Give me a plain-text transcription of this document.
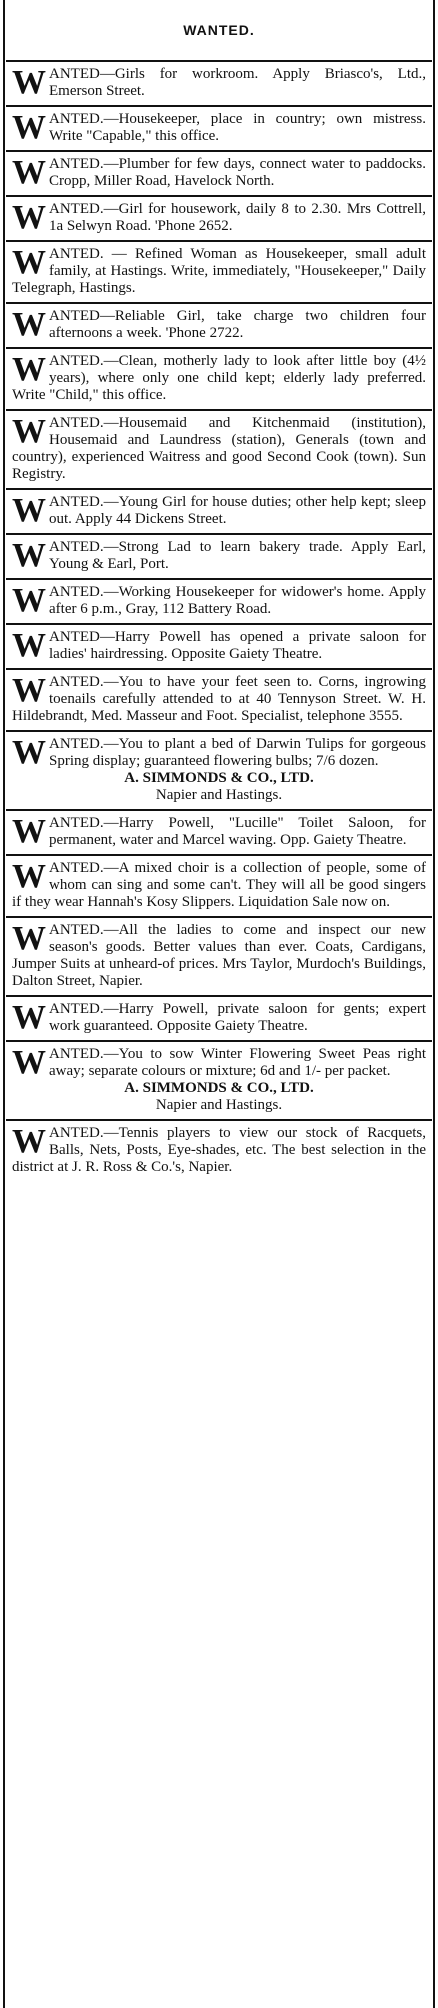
WANTED.
WANTED—Girls for workroom. Apply Briasco's, Ltd., Emerson Street.
WANTED.—Housekeeper, place in country; own mistress. Write "Capable," this office.
WANTED.—Plumber for few days, connect water to paddocks. Cropp, Miller Road, Havelock North.
WANTED.—Girl for housework, daily 8 to 2.30. Mrs Cottrell, 1a Selwyn Road. 'Phone 2652.
WANTED. — Refined Woman as Housekeeper, small adult family, at Hastings. Write, immediately, "Housekeeper," Daily Telegraph, Hastings.
WANTED—Reliable Girl, take charge two children four afternoons a week. 'Phone 2722.
WANTED.—Clean, motherly lady to look after little boy (4½ years), where only one child kept; elderly lady preferred. Write "Child," this office.
WANTED.—Housemaid and Kitchenmaid (institution), Housemaid and Laundress (station), Generals (town and country), experienced Waitress and good Second Cook (town). Sun Registry.
WANTED.—Young Girl for house duties; other help kept; sleep out. Apply 44 Dickens Street.
WANTED.—Strong Lad to learn bakery trade. Apply Earl, Young & Earl, Port.
WANTED.—Working Housekeeper for widower's home. Apply after 6 p.m., Gray, 112 Battery Road.
WANTED—Harry Powell has opened a private saloon for ladies' hairdressing. Opposite Gaiety Theatre.
WANTED.—You to have your feet seen to. Corns, ingrowing toenails carefully attended to at 40 Tennyson Street. W. H. Hildebrandt, Med. Masseur and Foot. Specialist, telephone 3555.
WANTED.—You to plant a bed of Darwin Tulips for gorgeous Spring display; guaranteed flowering bulbs; 7/6 dozen.
A. SIMMONDS & CO., LTD.
Napier and Hastings.
WANTED.—Harry Powell, "Lucille" Toilet Saloon, for permanent, water and Marcel waving. Opp. Gaiety Theatre.
WANTED.—A mixed choir is a collection of people, some of whom can sing and some can't. They will all be good singers if they wear Hannah's Kosy Slippers. Liquidation Sale now on.
WANTED.—All the ladies to come and inspect our new season's goods. Better values than ever. Coats, Cardigans, Jumper Suits at unheard-of prices. Mrs Taylor, Murdoch's Buildings, Dalton Street, Napier.
WANTED.—Harry Powell, private saloon for gents; expert work guaranteed. Opposite Gaiety Theatre.
WANTED.—You to sow Winter Flowering Sweet Peas right away; separate colours or mixture; 6d and 1/- per packet.
A. SIMMONDS & CO., LTD.
Napier and Hastings.
WANTED.—Tennis players to view our stock of Racquets, Balls, Nets, Posts, Eye-shades, etc. The best selection in the district at J. R. Ross & Co.'s, Napier.
